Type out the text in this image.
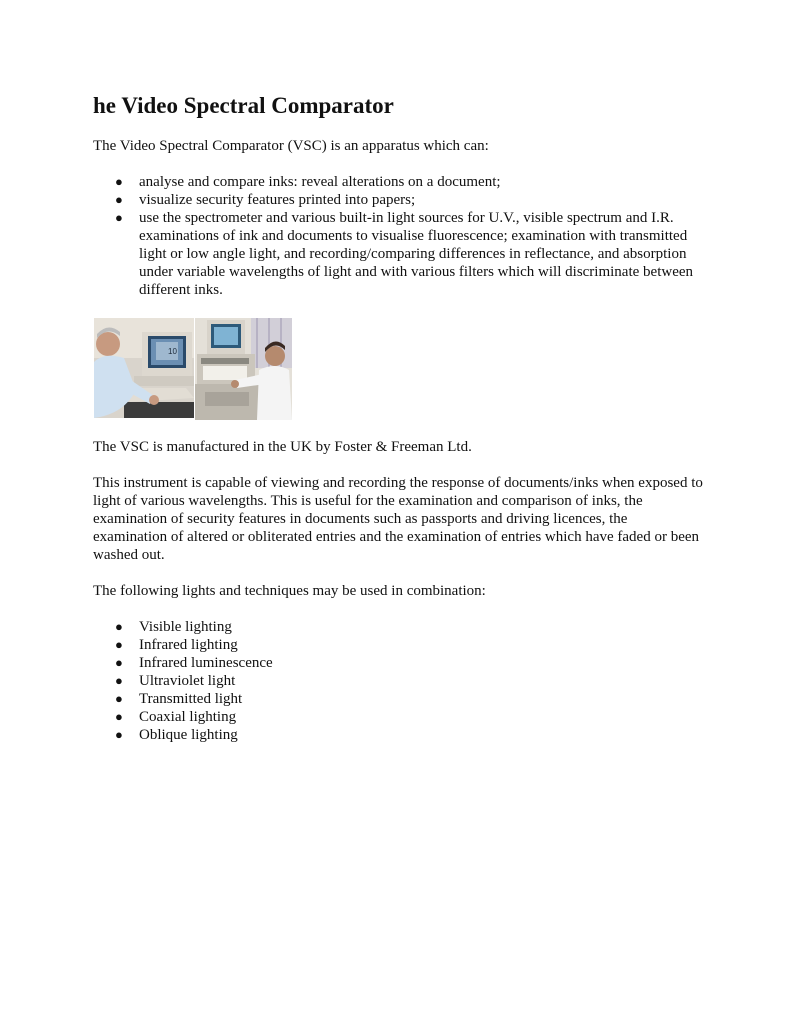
he Video Spectral Comparator

The Video Spectral Comparator (VSC) is an apparatus which can:

● analyse and compare inks: reveal alterations on a document;
● visualize security features printed into papers;
● use the spectrometer and various built-in light sources for U.V., visible spectrum and I.R. examinations of ink and documents to visualise fluorescence; examination with transmitted light or low angle light, and recording/comparing differences in reflectance, and absorption under variable wavelengths of light and with various filters which will discriminate between different inks.
10

The VSC is manufactured in the UK by Foster & Freeman Ltd.

This instrument is capable of viewing and recording the response of documents/inks when exposed to light of various wavelengths. This is useful for the examination and comparison of inks, the examination of security features in documents such as passports and driving licences, the examination of altered or obliterated entries and the examination of entries which have faded or been washed out.

The following lights and techniques may be used in combination:

● Visible lighting
● Infrared lighting
● Infrared luminescence
● Ultraviolet light
● Transmitted light
● Coaxial lighting
● Oblique lighting
